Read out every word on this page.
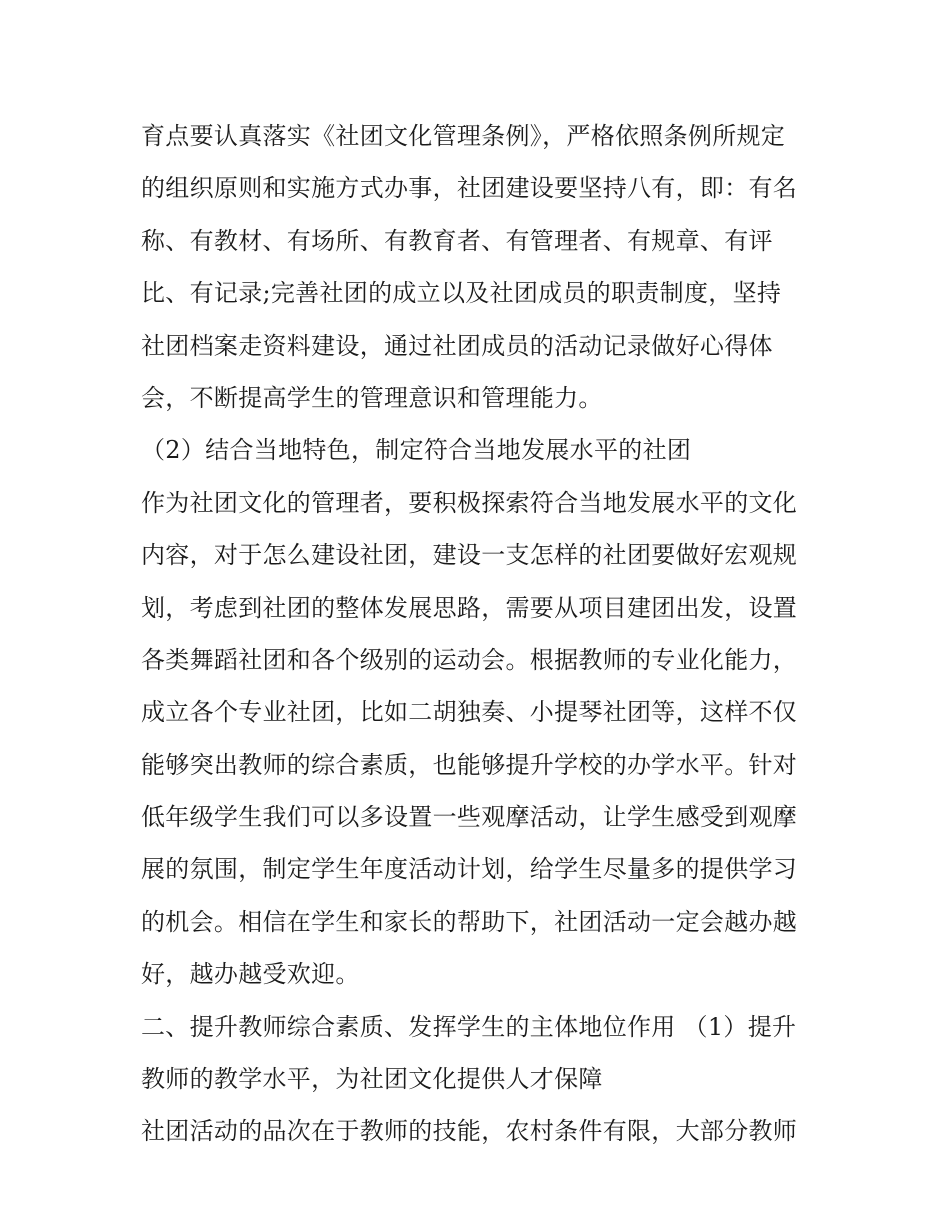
育点要认真落实《社团文化管理条例》，严格依照条例所规定
的组织原则和实施方式办事，社团建设要坚持八有，即：有名
称、有教材、有场所、有教育者、有管理者、有规章、有评
比、有记录;完善社团的成立以及社团成员的职责制度，坚持
社团档案走资料建设，通过社团成员的活动记录做好心得体
会，不断提高学生的管理意识和管理能力。
（2）结合当地特色，制定符合当地发展水平的社团
作为社团文化的管理者，要积极探索符合当地发展水平的文化
内容，对于怎么建设社团，建设一支怎样的社团要做好宏观规
划，考虑到社团的整体发展思路，需要从项目建团出发，设置
各类舞蹈社团和各个级别的运动会。根据教师的专业化能力，
成立各个专业社团，比如二胡独奏、小提琴社团等，这样不仅
能够突出教师的综合素质，也能够提升学校的办学水平。针对
低年级学生我们可以多设置一些观摩活动，让学生感受到观摩
展的氛围，制定学生年度活动计划，给学生尽量多的提供学习
的机会。相信在学生和家长的帮助下，社团活动一定会越办越
好，越办越受欢迎。
二、提升教师综合素质、发挥学生的主体地位作用 （1）提升
教师的教学水平，为社团文化提供人才保障
社团活动的品次在于教师的技能，农村条件有限，大部分教师
